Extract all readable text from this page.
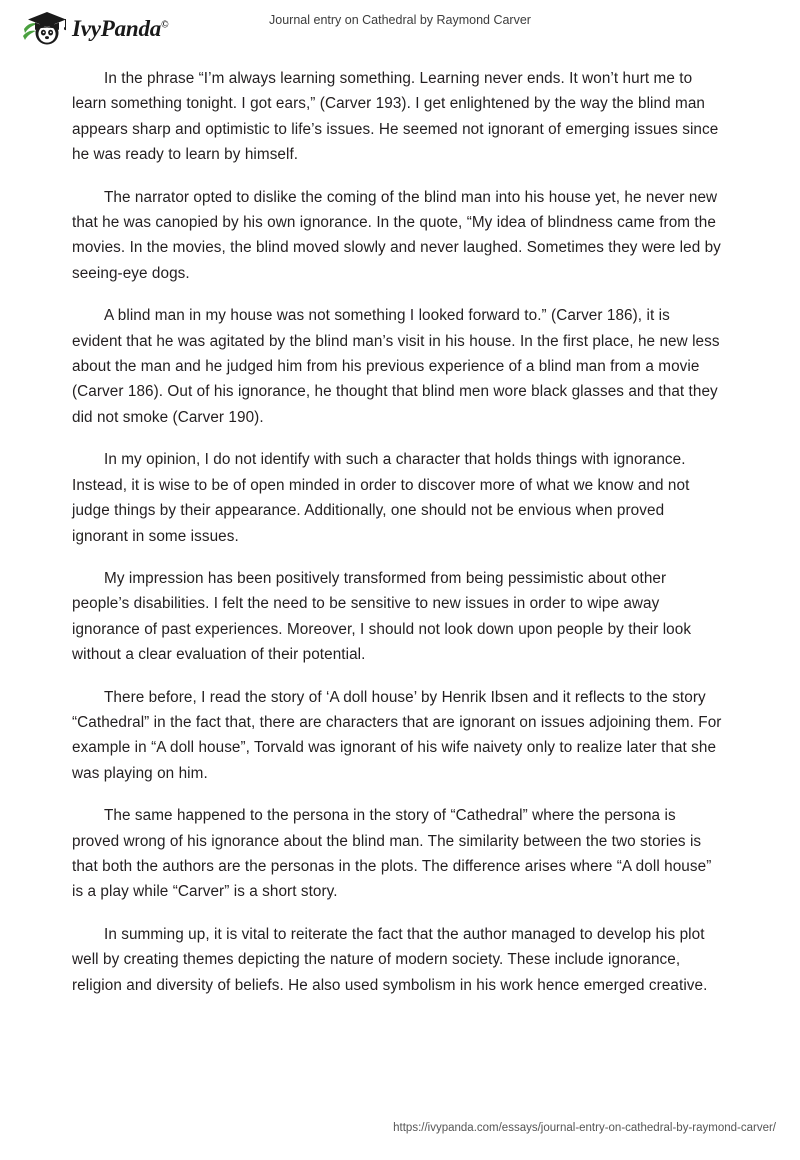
IvyPanda©	Journal entry on Cathedral by Raymond Carver

In the phrase “I’m always learning something. Learning never ends. It won’t hurt me to learn something tonight. I got ears,” (Carver 193). I get enlightened by the way the blind man appears sharp and optimistic to life’s issues. He seemed not ignorant of emerging issues since he was ready to learn by himself.

The narrator opted to dislike the coming of the blind man into his house yet, he never new that he was canopied by his own ignorance. In the quote, “My idea of blindness came from the movies. In the movies, the blind moved slowly and never laughed. Sometimes they were led by seeing-eye dogs.

A blind man in my house was not something I looked forward to.” (Carver 186), it is evident that he was agitated by the blind man’s visit in his house. In the first place, he new less about the man and he judged him from his previous experience of a blind man from a movie (Carver 186). Out of his ignorance, he thought that blind men wore black glasses and that they did not smoke (Carver 190).

In my opinion, I do not identify with such a character that holds things with ignorance. Instead, it is wise to be of open minded in order to discover more of what we know and not judge things by their appearance. Additionally, one should not be envious when proved ignorant in some issues.

My impression has been positively transformed from being pessimistic about other people’s disabilities. I felt the need to be sensitive to new issues in order to wipe away ignorance of past experiences. Moreover, I should not look down upon people by their look without a clear evaluation of their potential.

There before, I read the story of ‘A doll house’ by Henrik Ibsen and it reflects to the story “Cathedral” in the fact that, there are characters that are ignorant on issues adjoining them. For example in “A doll house”, Torvald was ignorant of his wife naivety only to realize later that she was playing on him.

The same happened to the persona in the story of “Cathedral” where the persona is proved wrong of his ignorance about the blind man. The similarity between the two stories is that both the authors are the personas in the plots. The difference arises where “A doll house” is a play while “Carver” is a short story.

In summing up, it is vital to reiterate the fact that the author managed to develop his plot well by creating themes depicting the nature of modern society. These include ignorance, religion and diversity of beliefs. He also used symbolism in his work hence emerged creative.

https://ivypanda.com/essays/journal-entry-on-cathedral-by-raymond-carver/
